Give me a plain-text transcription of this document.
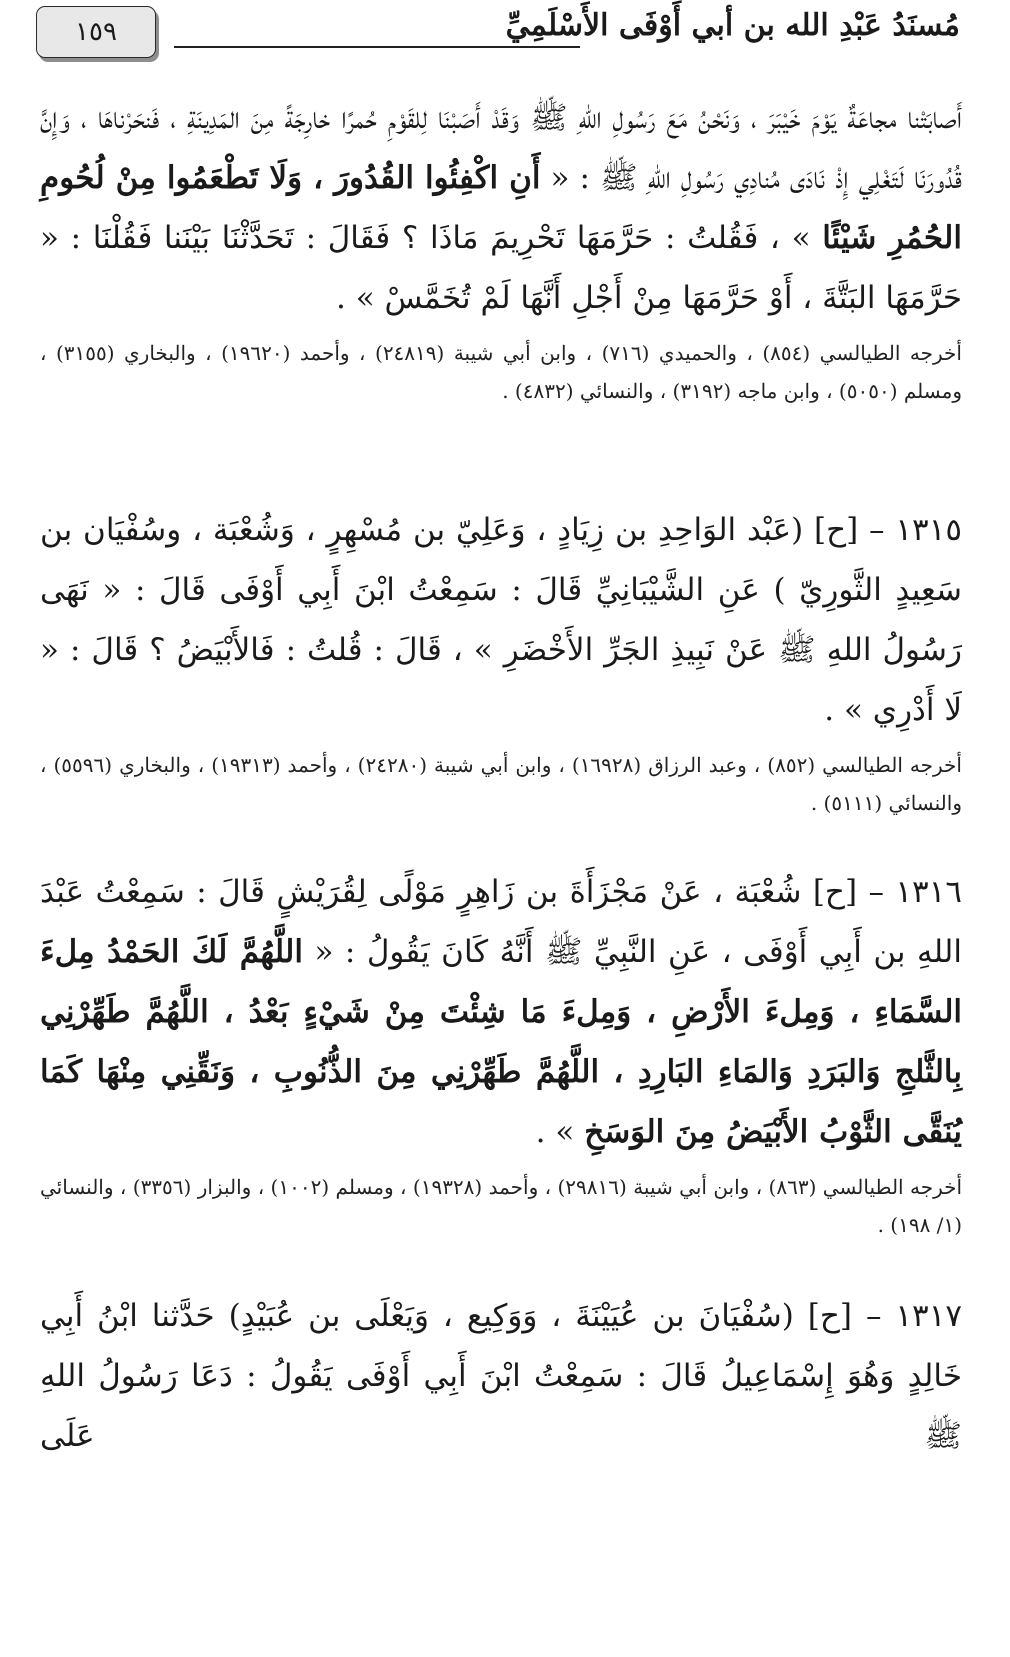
١٥٩	مُسنَدُ عَبْدِ الله بن أبي أَوْفَى الأَسْلَمِيِّ
أَصابَتْنا مجاعَةٌ يَوْمَ خَيْبَرَ ، وَنَحْنُ مَعَ رَسُولِ اللهِ ﷺ وَقَدْ أَصَبْنَا لِلقَوْمِ حُمرًا خارِجَةً مِنَ المَدِينَةِ ، فَنحَرْناهَا ، وَإِنَّ قُدُورَنَا لَتَغْلِي إِذْ نَادَى مُنادِي رَسُولِ اللهِ ﷺ : « أَنِ اكْفِئُوا القُدُورَ ، وَلَا تَطْعَمُوا مِنْ لُحُومِ الحُمُرِ شَيْئًا » ، فَقُلتُ : حَرَّمَهَا تَحْرِيمَ مَاذَا ؟ فَقَالَ : تَحَدَّثْنَا بَيْنَنا فَقُلْنَا : « حَرَّمَهَا البَتَّةَ ، أَوْ حَرَّمَهَا مِنْ أَجْلِ أَنَّهَا لَمْ تُخَمَّسْ » .
أخرجه الطيالسي (٨٥٤) ، والحميدي (٧١٦) ، وابن أبي شيبة (٢٤٨١٩) ، وأحمد (١٩٦٢٠) ، والبخاري (٣١٥٥) ، ومسلم (٥٠٥٠) ، وابن ماجه (٣١٩٢) ، والنسائي (٤٨٣٢) .
١٣١٥ – [ح] (عَبْد الوَاحِدِ بن زِيَادٍ ، وَعَلِيّ بن مُسْهِرٍ ، وَشُعْبَة ، وسُفْيَان بن سَعِيدٍ الثَّورِيّ ) عَنِ الشَّيْبَانِيِّ قَالَ : سَمِعْتُ ابْنَ أَبِي أَوْفَى قَالَ : « نَهَى رَسُولُ اللهِ ﷺ عَنْ نَبِيذِ الجَرِّ الأَخْضَرِ » ، قَالَ : قُلتُ : فَالأَبْيَضُ ؟ قَالَ : « لَا أَدْرِي » .
أخرجه الطيالسي (٨٥٢) ، وعبد الرزاق (١٦٩٢٨) ، وابن أبي شيبة (٢٤٢٨٠) ، وأحمد (١٩٣١٣) ، والبخاري (٥٥٩٦) ، والنسائي (٥١١١) .
١٣١٦ – [ح] شُعْبَة ، عَنْ مَجْزَأَةَ بن زَاهِرٍ مَوْلًى لِقُرَيْشٍ قَالَ : سَمِعْتُ عَبْدَ اللهِ بن أَبِي أَوْفَى ، عَنِ النَّبِيِّ ﷺ أَنَّهُ كَانَ يَقُولُ : « اللَّهُمَّ لَكَ الحَمْدُ مِلءَ السَّمَاءِ ، وَمِلءَ الأَرْضِ ، وَمِلءَ مَا شِئْتَ مِنْ شَيْءٍ بَعْدُ ، اللَّهُمَّ طَهِّرْنِي بِالثَّلجِ وَالبَرَدِ وَالمَاءِ البَارِدِ ، اللَّهُمَّ طَهِّرْنِي مِنَ الذُّنُوبِ ، وَنَقِّنِي مِنْهَا كَمَا يُنَقَّى الثَّوْبُ الأَبْيَضُ مِنَ الوَسَخِ » .
أخرجه الطيالسي (٨٦٣) ، وابن أبي شيبة (٢٩٨١٦) ، وأحمد (١٩٣٢٨) ، ومسلم (١٠٠٢) ، والبزار (٣٣٥٦) ، والنسائي (١/ ١٩٨) .
١٣١٧ – [ح] (سُفْيَانَ بن عُيَيْنَةَ ، وَوَكِيع ، وَيَعْلَى بن عُبَيْدٍ) حَدَّثنا ابْنُ أَبِي خَالِدٍ وَهُوَ إِسْمَاعِيلُ قَالَ : سَمِعْتُ ابْنَ أَبِي أَوْفَى يَقُولُ : دَعَا رَسُولُ اللهِ ﷺ عَلَى
